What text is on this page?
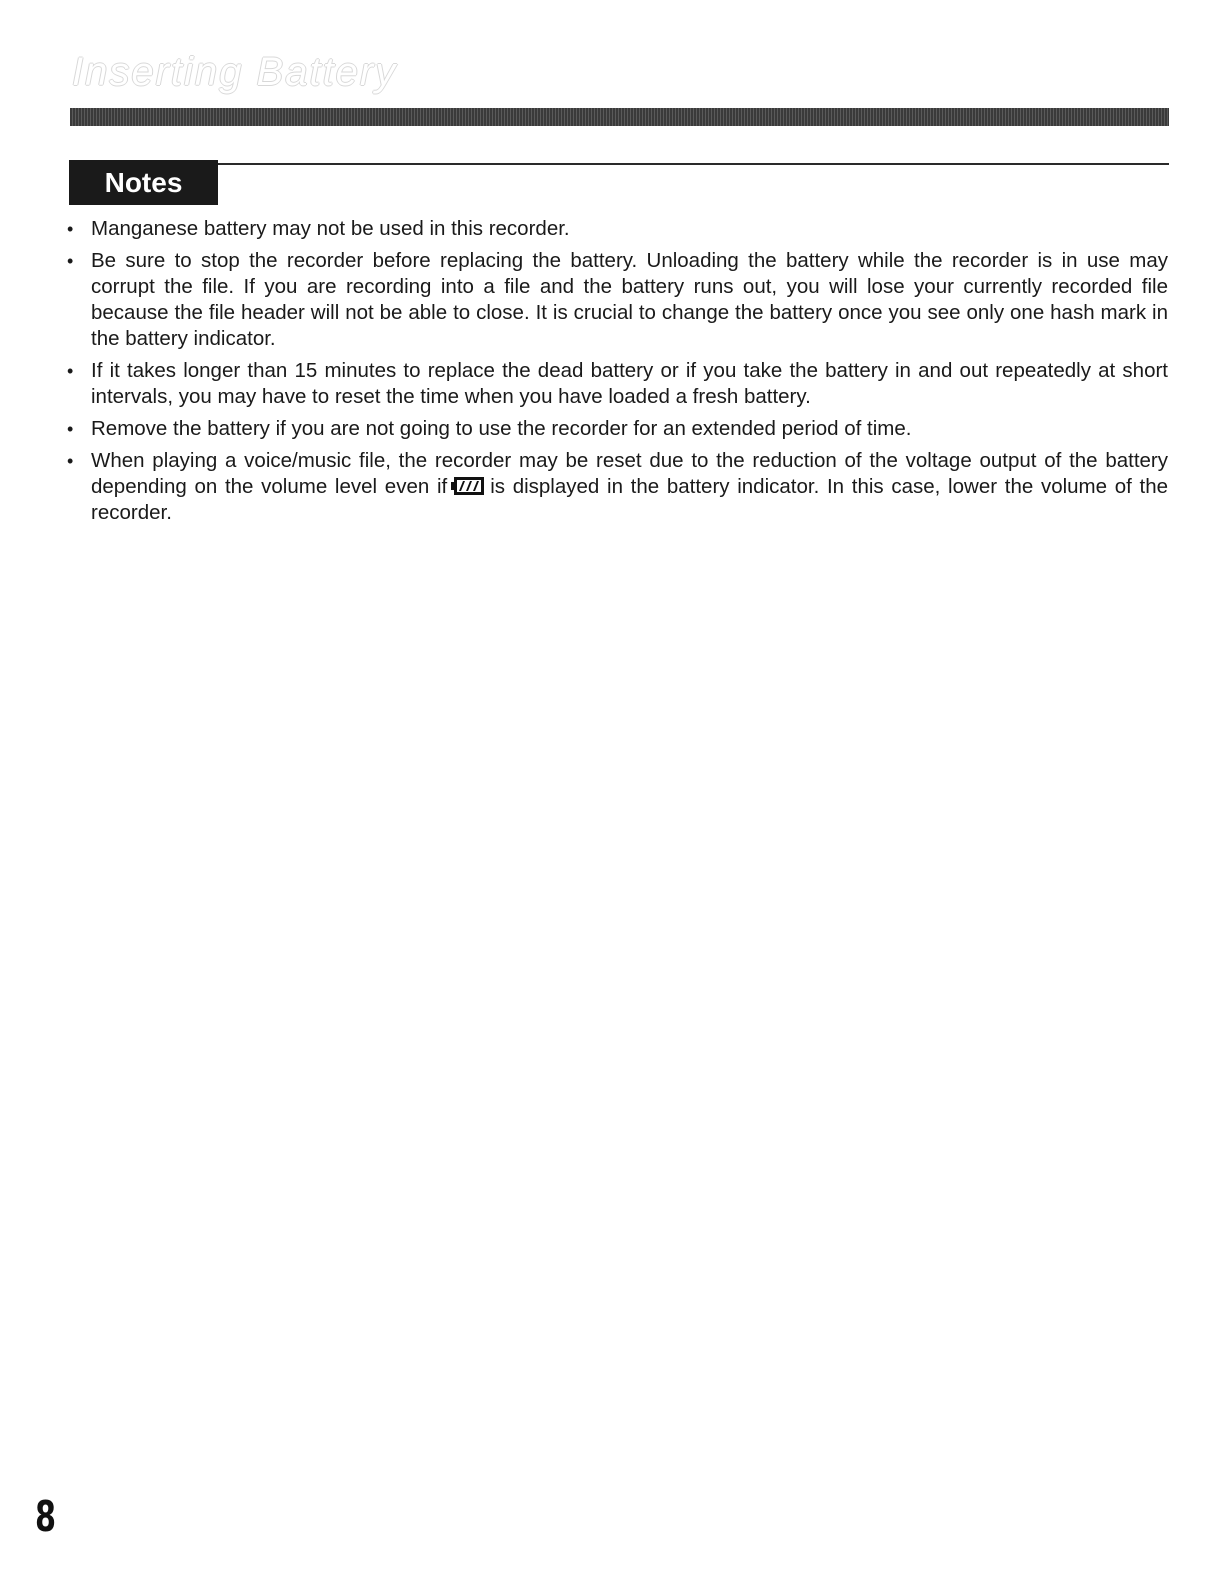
Inserting Battery
Notes
• Manganese battery may not be used in this recorder.
• Be sure to stop the recorder before replacing the battery. Unloading the battery while the recorder is in use may corrupt the file. If you are recording into a file and the battery runs out, you will lose your currently recorded file because the file header will not be able to close. It is crucial to change the battery once you see only one hash mark in the battery indicator.
• If it takes longer than 15 minutes to replace the dead battery or if you take the battery in and out repeatedly at short intervals, you may have to reset the time when you have loaded a fresh battery.
• Remove the battery if you are not going to use the recorder for an extended period of time.
• When playing a voice/music file, the recorder may be reset due to the reduction of the voltage output of the battery depending on the volume level even if is displayed in the battery indicator. In this case, lower the volume of the recorder.
8
